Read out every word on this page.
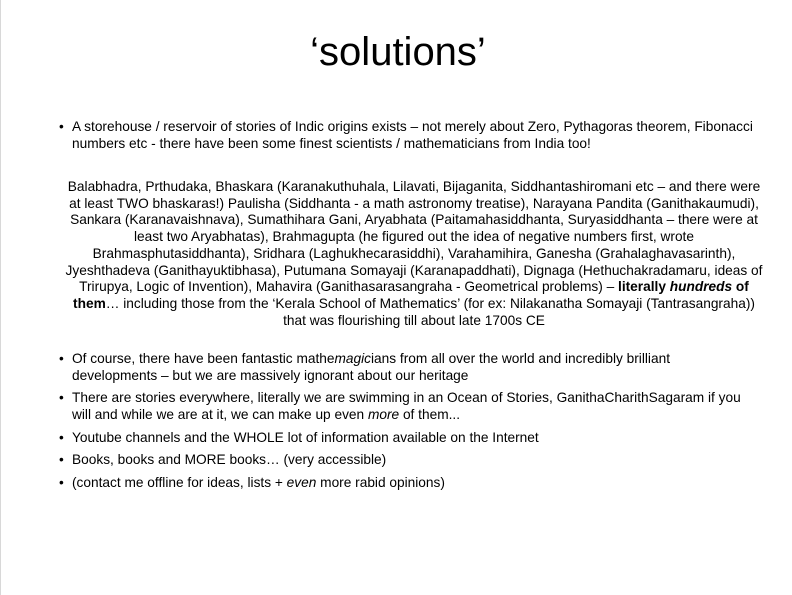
‘solutions’
• A storehouse / reservoir of stories of Indic origins exists – not merely about Zero, Pythagoras theorem, Fibonacci numbers etc - there have been some finest scientists / mathematicians from India too!

Balabhadra, Prthudaka, Bhaskara (Karanakuthuhala, Lilavati, Bijaganita, Siddhantashiromani etc – and there were at least TWO bhaskaras!) Paulisha (Siddhanta - a math astronomy treatise), Narayana Pandita (Ganithakaumudi), Sankara (Karanavaishnava), Sumathihara Gani, Aryabhata (Paitamahasiddhanta, Suryasiddhanta – there were at least two Aryabhatas), Brahmagupta (he figured out the idea of negative numbers first, wrote Brahmasphutasiddhanta), Sridhara (Laghukhecarasiddhi), Varahamihira, Ganesha (Grahalaghavasarinth), Jyeshthadeva (Ganithayuktibhasa), Putumana Somayaji (Karanapaddhati), Dignaga (Hethuchakradamaru, ideas of Trirupya, Logic of Invention), Mahavira (Ganithasarasangraha - Geometrical problems) – literally hundreds of them… including those from the ‘Kerala School of Mathematics’ (for ex: Nilakanatha Somayaji (Tantrasangraha)) that was flourishing till about late 1700s CE

• Of course, there have been fantastic mathemagicians from all over the world and incredibly brilliant developments – but we are massively ignorant about our heritage
• There are stories everywhere, literally we are swimming in an Ocean of Stories, GanithaCharithSagaram if you will and while we are at it, we can make up even more of them...
• Youtube channels and the WHOLE lot of information available on the Internet
• Books, books and MORE books… (very accessible)
• (contact me offline for ideas, lists + even more rabid opinions)
